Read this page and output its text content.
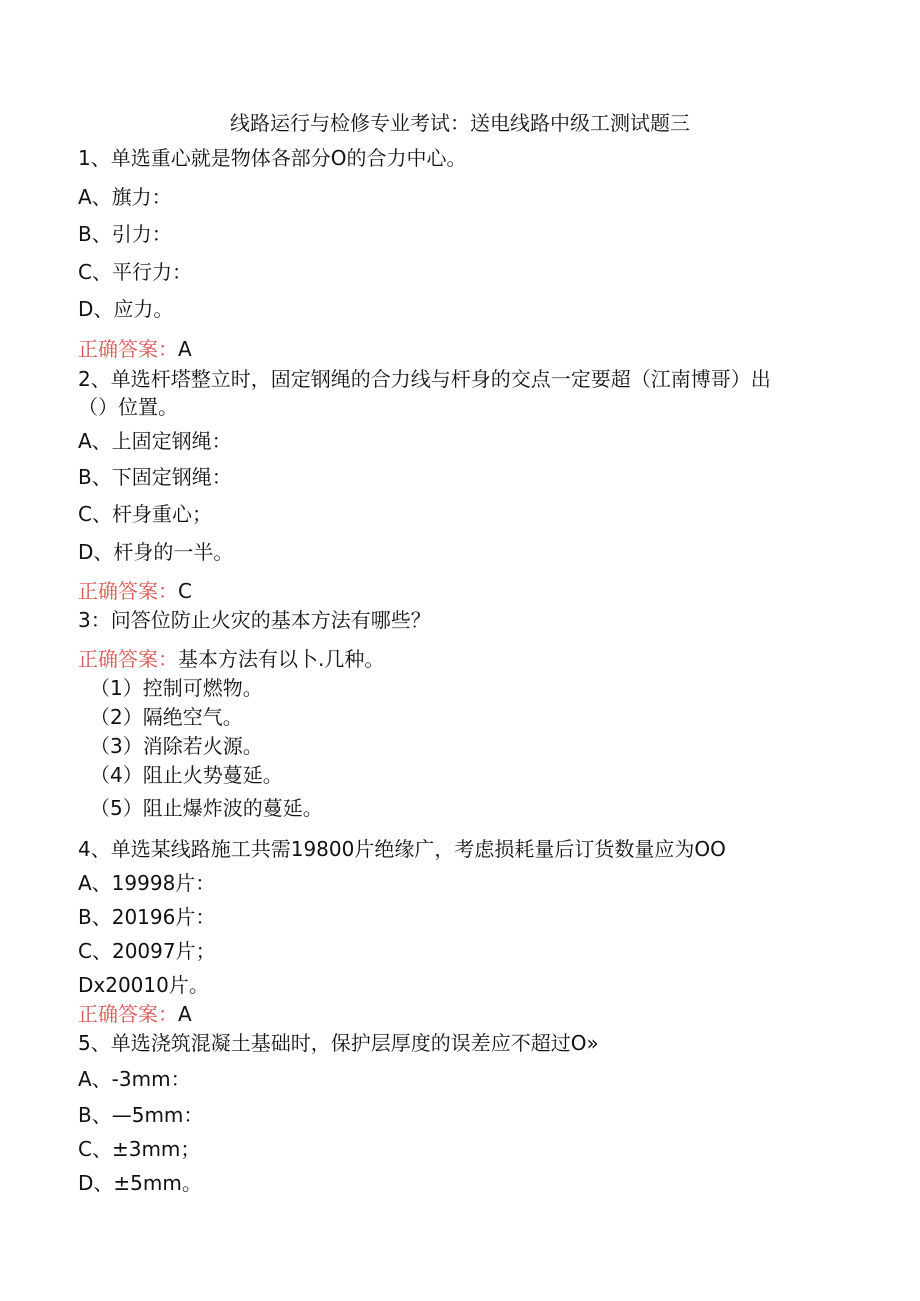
线路运行与检修专业考试：送电线路中级工测试题三
1、单选重心就是物体各部分O的合力中心。
A、旗力：
B、引力：
C、平行力：
D、应力。
正确答案：A
2、单选杆塔整立时，固定钢绳的合力线与杆身的交点一定要超（江南博哥）出
（）位置。
A、上固定钢绳：
B、下固定钢绳：
C、杆身重心；
D、杆身的一半。
正确答案：C
3：问答位防止火灾的基本方法有哪些？
正确答案：基本方法有以卜.几种。
（1）控制可燃物。
（2）隔绝空气。
（3）消除若火源。
（4）阻止火势蔓延。
（5）阻止爆炸波的蔓延。
4、单选某线路施工共需19800片绝缘广，考虑损耗量后订货数量应为OO
A、19998片：
B、20196片：
C、20097片；
Dx20010片。
正确答案：A
5、单选浇筑混凝土基础时，保护层厚度的误差应不超过O»
A、-3mm：
B、—5mm：
C、±3mm；
D、±5mm。
